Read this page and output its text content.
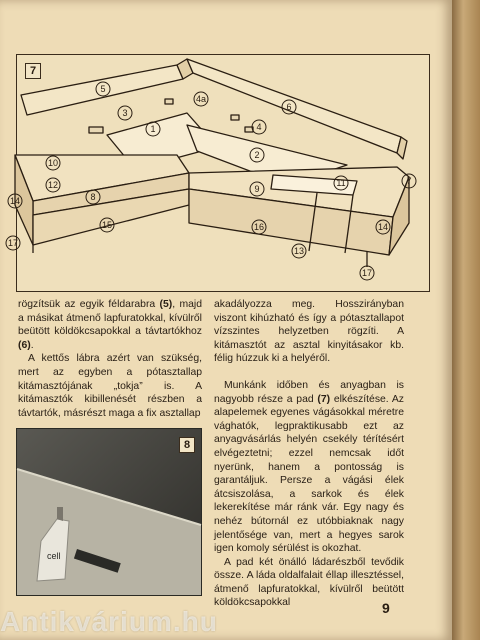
7
5
3
1
4a
6
4
2
10
12
8
9
11	7
14
15	16	14
13
17
17

rögzítsük az egyik féldarabra (5), majd a másikat átmenő lapfuratokkal, kívülről beütött köldökcsapokkal a távtartókhoz (6).

A kettős lábra azért van szükség, mert az egyben a pótasztallap kitámasztójának „tokja” is. A kitámasztók kibillenését részben a távtartók, másrészt maga a fix asztallap

cell
8

akadályozza meg. Hosszirányban viszont kihúzható és így a pótasztallapot vízszintes helyzetben rögzíti. A kitámasztót az asztal kinyitásakor kb. félig húzzuk ki a helyéről.

Munkánk időben és anyagban is nagyobb része a pad (7) elkészítése. Az alapelemek egyenes vágásokkal méretre vághatók, legpraktikusabb ezt az anyagvásárlás helyén csekély térítésért elvégeztetni; ezzel nemcsak időt nyerünk, hanem a pontosság is garantáljuk. Persze a vágási élek átcsiszolása, a sarkok és élek lekerekítése már ránk vár. Egy nagy és nehéz bútornál ez utóbbiaknak nagy jelentősége van, mert a hegyes sarok igen komoly sérülést is okozhat.

A pad két önálló ládarészből tevődik össze. A láda oldalfalait éllap illesztéssel, átmenő lapfuratokkal, kívülről beütött köldökcsapokkal	9
Antikvárium.hu
